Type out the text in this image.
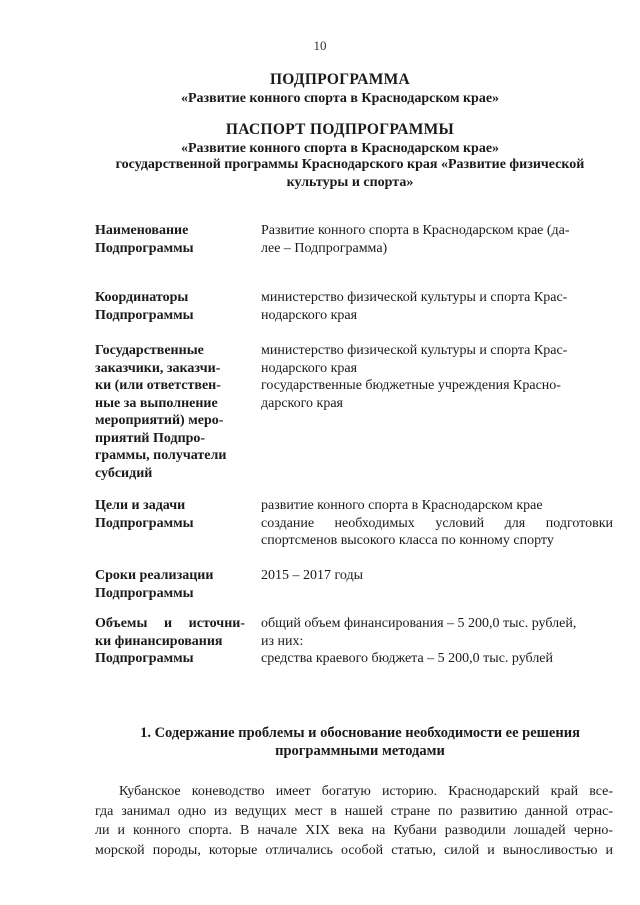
10
ПОДПРОГРАММА
«Развитие конного спорта в Краснодарском крае»
ПАСПОРТ ПОДПРОГРАММЫ
«Развитие конного спорта в Краснодарском крае»
государственной программы Краснодарского края «Развитие физической
культуры и спорта»
Наименование
Подпрограммы
Развитие конного спорта в Краснодарском крае (да-
лее – Подпрограмма)
Координаторы
Подпрограммы
министерство физической культуры и спорта Крас-
нодарского края
Государственные
заказчики, заказчи-
ки (или ответствен-
ные за выполнение
мероприятий) меро-
приятий Подпро-
граммы, получатели
субсидий
министерство физической культуры и спорта Крас-
нодарского края
государственные бюджетные учреждения Красно-
дарского края
Цели и задачи
Подпрограммы
развитие конного спорта в Краснодарском крае
создание необходимых условий для подготовки
спортсменов высокого класса по конному спорту
Сроки реализации
Подпрограммы
2015 – 2017 годы
Объемы и источни-
ки финансирования
Подпрограммы
общий объем финансирования – 5 200,0 тыс. рублей,
из них:
средства краевого бюджета – 5 200,0 тыс. рублей
1. Содержание проблемы и обоснование необходимости ее решения
программными методами
Кубанское коневодство имеет богатую историю. Краснодарский край все-
гда занимал одно из ведущих мест в нашей стране по развитию данной отрас-
ли и конного спорта. В начале XIX века на Кубани разводили лошадей черно-
морской породы, которые отличались особой статью, силой и выносливостью и
